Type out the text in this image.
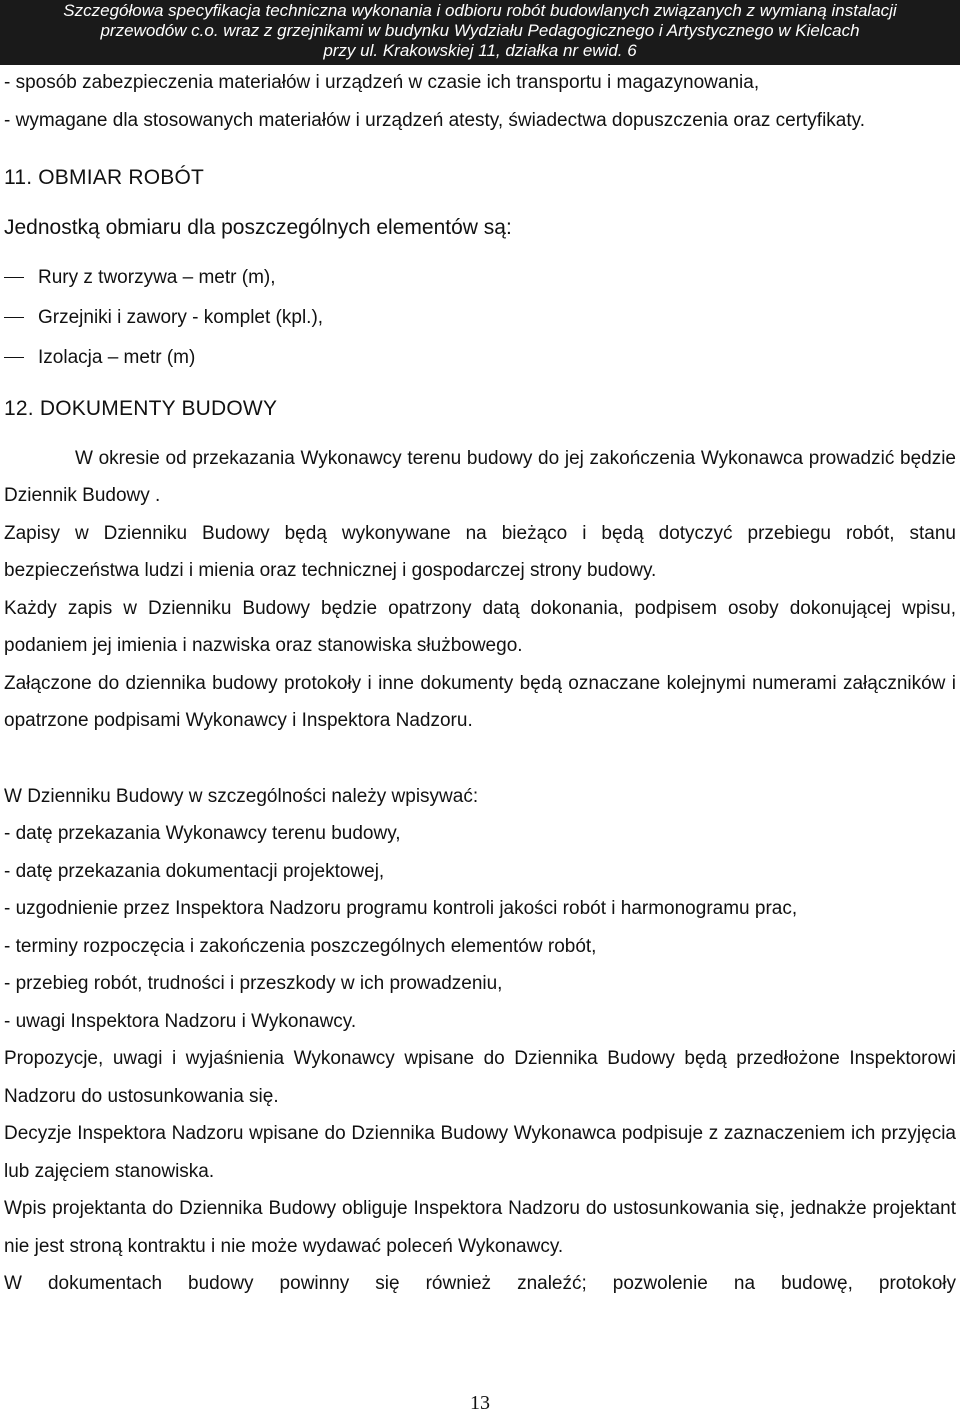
Szczegółowa specyfikacja techniczna wykonania i odbioru robót budowlanych związanych z wymianą instalacji
przewodów c.o. wraz z grzejnikami w budynku Wydziału Pedagogicznego i Artystycznego w Kielcach
przy ul. Krakowskiej 11, działka nr ewid. 6

- sposób zabezpieczenia materiałów i urządzeń w czasie ich transportu i magazynowania,

- wymagane dla stosowanych materiałów i urządzeń atesty, świadectwa dopuszczenia oraz certyfikaty.

11. OBMIAR ROBÓT

Jednostką obmiaru dla poszczególnych elementów są:

Rury z tworzywa – metr (m),
Grzejniki i zawory - komplet (kpl.),
Izolacja – metr (m)

12. DOKUMENTY BUDOWY

W okresie od przekazania Wykonawcy terenu budowy do jej zakończenia Wykonawca prowadzić będzie Dziennik Budowy .

Zapisy w Dzienniku Budowy będą wykonywane na bieżąco i będą dotyczyć przebiegu robót, stanu bezpieczeństwa ludzi i mienia oraz technicznej i gospodarczej strony budowy.

Każdy zapis w Dzienniku Budowy będzie opatrzony datą dokonania, podpisem osoby dokonującej wpisu, podaniem jej imienia i nazwiska oraz stanowiska służbowego.

Załączone do dziennika budowy protokoły i inne dokumenty będą oznaczane kolejnymi numerami załączników i opatrzone podpisami Wykonawcy i Inspektora Nadzoru.

W Dzienniku Budowy w szczególności należy wpisywać:

- datę przekazania Wykonawcy terenu budowy,

- datę przekazania dokumentacji projektowej,

- uzgodnienie przez Inspektora Nadzoru programu kontroli jakości robót i harmonogramu prac,

- terminy rozpoczęcia i zakończenia poszczególnych elementów robót,

- przebieg robót, trudności i przeszkody w ich prowadzeniu,

- uwagi Inspektora Nadzoru i Wykonawcy.

Propozycje, uwagi i wyjaśnienia Wykonawcy wpisane do Dziennika Budowy będą przedłożone Inspektorowi Nadzoru do ustosunkowania się.

Decyzje Inspektora Nadzoru wpisane do Dziennika Budowy Wykonawca podpisuje z zaznaczeniem ich przyjęcia lub zajęciem stanowiska.

Wpis projektanta do Dziennika Budowy obliguje Inspektora Nadzoru do ustosunkowania się, jednakże projektant nie jest stroną kontraktu i nie może wydawać poleceń Wykonawcy.

W dokumentach budowy powinny się również znaleźć; pozwolenie na budowę, protokoły

13
